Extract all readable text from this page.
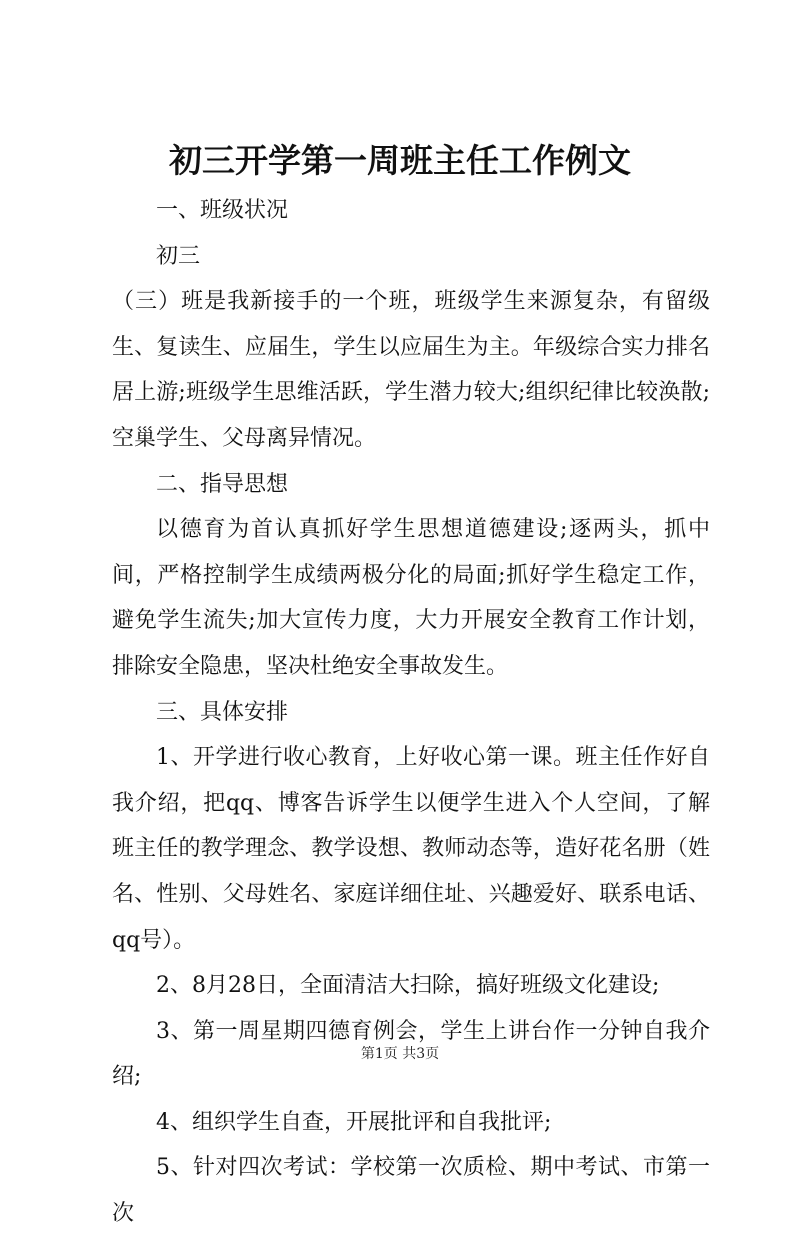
初三开学第一周班主任工作例文

一、班级状况

初三

（三）班是我新接手的一个班，班级学生来源复杂，有留级生、复读生、应届生，学生以应届生为主。年级综合实力排名居上游;班级学生思维活跃，学生潜力较大;组织纪律比较涣散;空巢学生、父母离异情况。

二、指导思想

以德育为首认真抓好学生思想道德建设;逐两头，抓中间，严格控制学生成绩两极分化的局面;抓好学生稳定工作，避免学生流失;加大宣传力度，大力开展安全教育工作计划，排除安全隐患，坚决杜绝安全事故发生。

三、具体安排

1、开学进行收心教育，上好收心第一课。班主任作好自我介绍，把qq、博客告诉学生以便学生进入个人空间，了解班主任的教学理念、教学设想、教师动态等，造好花名册（姓名、性别、父母姓名、家庭详细住址、兴趣爱好、联系电话、qq号）。

2、8月28日，全面清洁大扫除，搞好班级文化建设;

3、第一周星期四德育例会，学生上讲台作一分钟自我介绍;

4、组织学生自查，开展批评和自我批评;

5、针对四次考试：学校第一次质检、期中考试、市第一次

第1页 共3页
